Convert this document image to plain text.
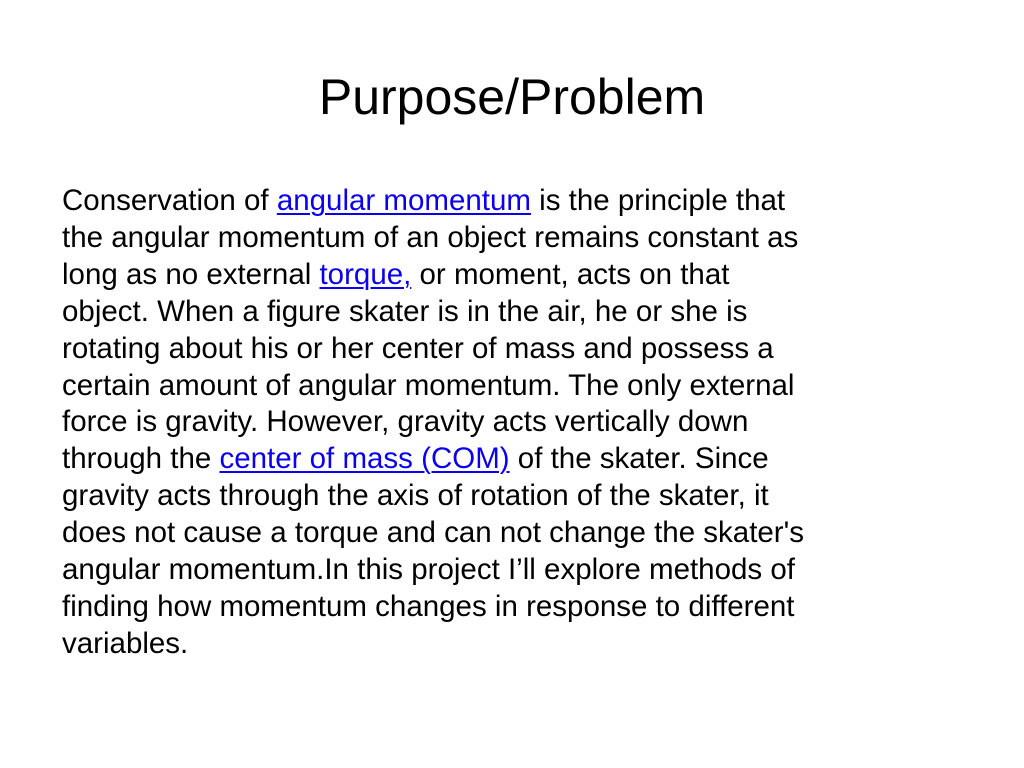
Purpose/Problem
Conservation of angular momentum is the principle that
the angular momentum of an object remains constant as
long as no external torque, or moment, acts on that
object. When a figure skater is in the air, he or she is
rotating about his or her center of mass and possess a
certain amount of angular momentum. The only external
force is gravity. However, gravity acts vertically down
through the center of mass (COM) of the skater. Since
gravity acts through the axis of rotation of the skater, it
does not cause a torque and can not change the skater's
angular momentum.In this project I’ll explore methods of
finding how momentum changes in response to different
variables.
